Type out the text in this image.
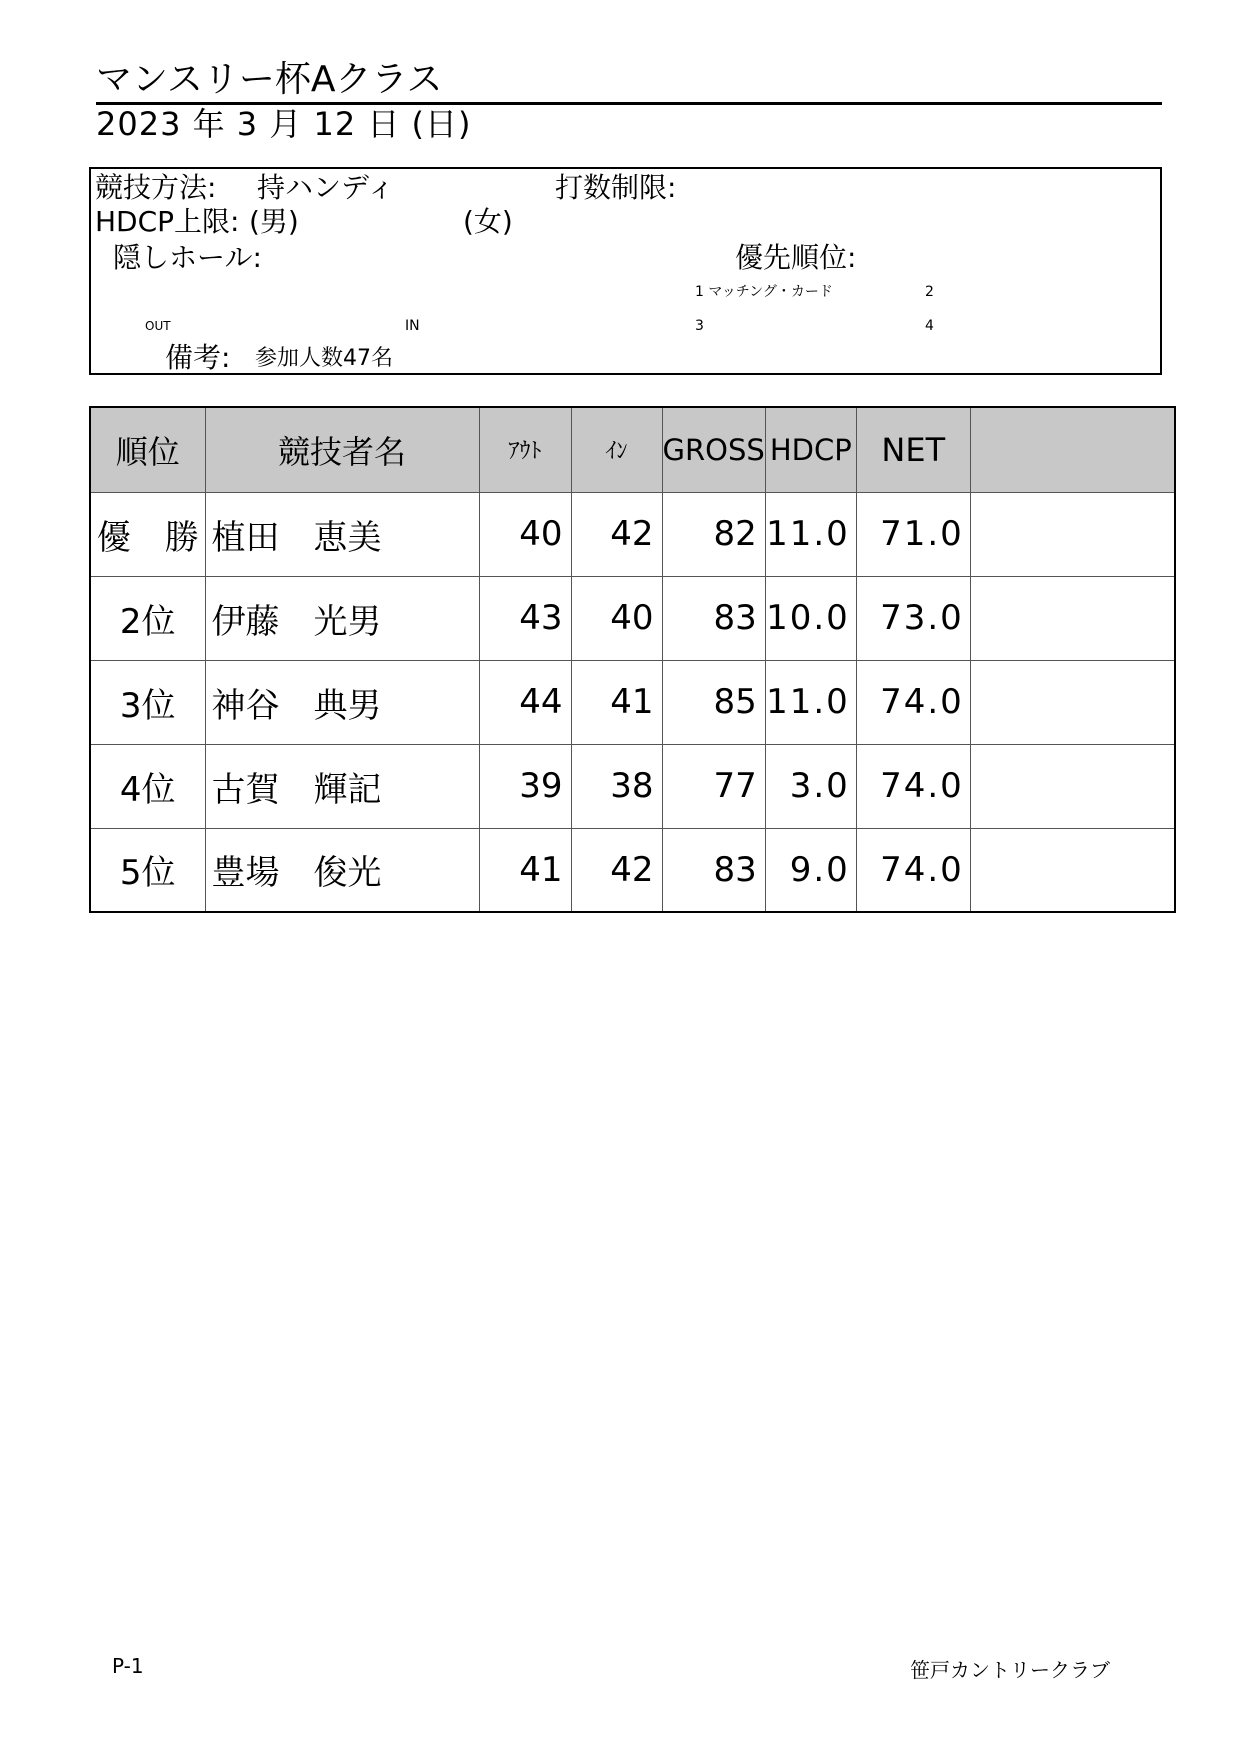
マンスリー杯Aクラス
2023 年 3 月 12 日 (日)
競技方法: 持ハンディ	打数制限:
HDCP上限: (男)	(女)
隠しホール:	優先順位:
1 マッチング・カード	2
OUT	IN	3	4
備考: 参加人数47名
順位	競技者名	ｱｳﾄ	ｲﾝ	GROSS	HDCP	NET	
優　勝	植田　恵美	40	42	82	11.0	71.0	
2位	伊藤　光男	43	40	83	10.0	73.0	
3位	神谷　典男	44	41	85	11.0	74.0	
4位	古賀　輝記	39	38	77	3.0	74.0	
5位	豊場　俊光	41	42	83	9.0	74.0	
P-1	笹戸カントリークラブ
